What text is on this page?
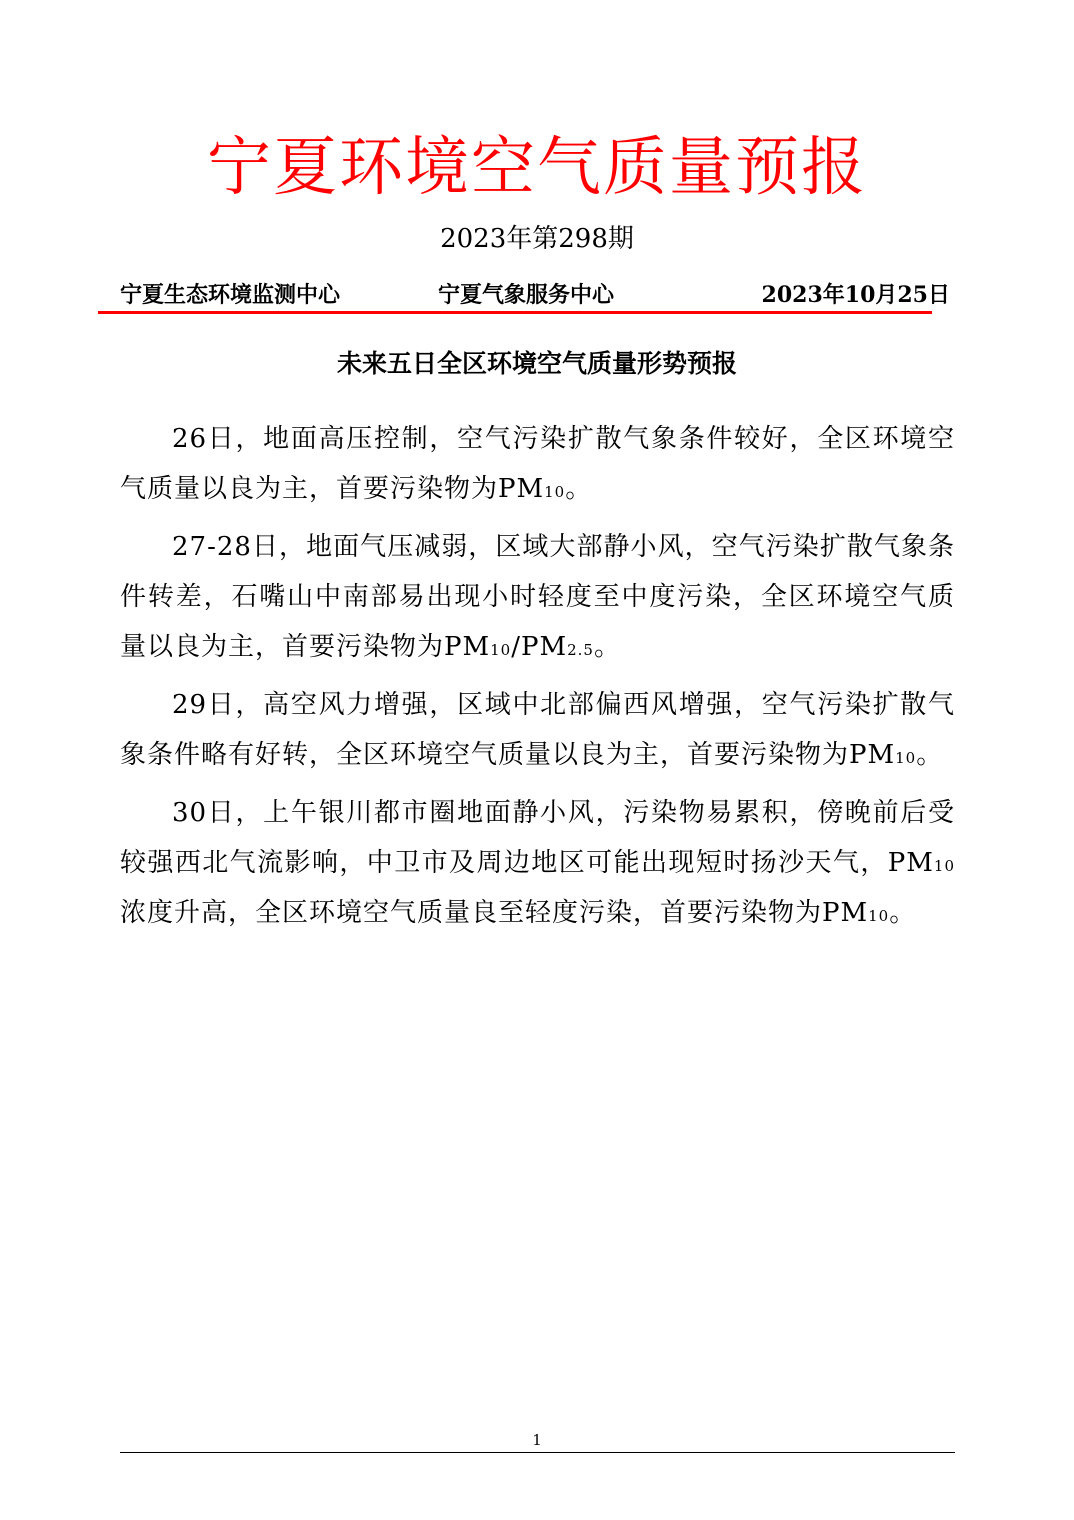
宁夏环境空气质量预报
2023年第298期
宁夏生态环境监测中心	宁夏气象服务中心	2023年10月25日
未来五日全区环境空气质量形势预报

26日，地面高压控制，空气污染扩散气象条件较好，全区环境空气质量以良为主，首要污染物为PM10。

27-28日，地面气压减弱，区域大部静小风，空气污染扩散气象条件转差，石嘴山中南部易出现小时轻度至中度污染，全区环境空气质量以良为主，首要污染物为PM10/PM2.5。

29日，高空风力增强，区域中北部偏西风增强，空气污染扩散气象条件略有好转，全区环境空气质量以良为主，首要污染物为PM10。

30日，上午银川都市圈地面静小风，污染物易累积，傍晚前后受较强西北气流影响，中卫市及周边地区可能出现短时扬沙天气，PM10浓度升高，全区环境空气质量良至轻度污染，首要污染物为PM10。

1
